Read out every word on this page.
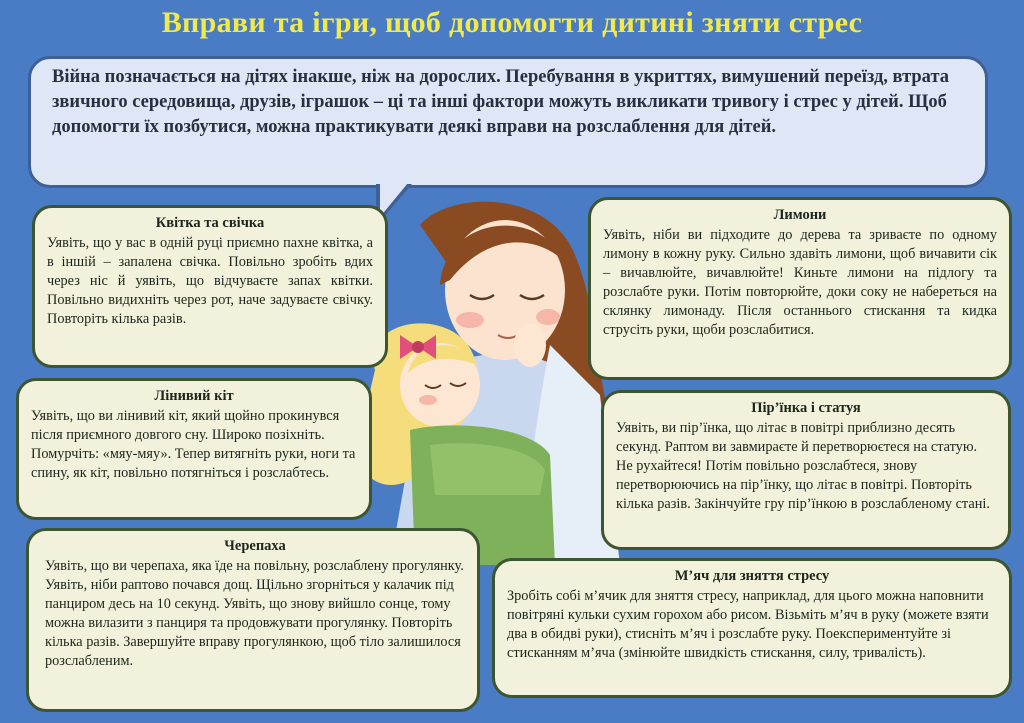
Вправи та ігри, щоб допомогти дитині зняти стрес

Війна позначається на дітях інакше, ніж на дорослих. Перебування в укриттях, вимушений переїзд, втрата звичного середовища, друзів, іграшок – ці та інші фактори можуть викликати тривогу і стрес у дітей. Щоб допомогти їх позбутися, можна практикувати деякі вправи на розслаблення для дітей.

Квітка та свічка

Уявіть, що у вас в одній руці приємно пахне квітка, а в іншій – запалена свічка. Повільно зробіть вдих через ніс й уявіть, що відчуваєте запах квітки. Повільно видихніть через рот, наче задуваєте свічку. Повторіть кілька разів.

Лінивий кіт

Уявіть, що ви лінивий кіт, який щойно прокинувся після приємного довгого сну. Широко позіхніть. Помурчіть: «мяу-мяу». Тепер витягніть руки, ноги та спину, як кіт, повільно потягніться і розслабтесь.

Черепаха

Уявіть, що ви черепаха, яка їде на повільну, розслаблену прогулянку. Уявіть, ніби раптово почався дощ. Щільно згорніться у калачик під панциром десь на 10 секунд. Уявіть, що знову вийшло сонце, тому можна вилазити з панциря та продовжувати прогулянку. Повторіть кілька разів. Завершуйте вправу прогулянкою, щоб тіло залишилося розслабленим.

Лимони

Уявіть, ніби ви підходите до дерева та зриваєте по одному лимону в кожну руку. Сильно здавіть лимони, щоб вичавити сік – вичавлюйте, вичавлюйте! Киньте лимони на підлогу та розслабте руки. Потім повторюйте, доки соку не набереться на склянку лимонаду. Після останнього стискання та кидка струсіть руки, щоби розслабитися.

Пір’їнка і статуя

Уявіть, ви пір’їнка, що літає в повітрі приблизно десять секунд. Раптом ви завмираєте й перетворюєтеся на статую. Не рухайтеся! Потім повільно розслабтеся, знову перетворюючись на пір’їнку, що літає в повітрі. Повторіть кілька разів. Закінчуйте гру пір’їнкою в розслабленому стані.

М’яч для зняття стресу

Зробіть собі м’ячик для зняття стресу, наприклад, для цього можна наповнити повітряні кульки сухим горохом або рисом. Візьміть м’яч в руку (можете взяти два в обидві руки), стисніть м’яч і розслабте руку. Поекспериментуйте зі стисканням м’яча (змінюйте швидкість стискання, силу, тривалість).
